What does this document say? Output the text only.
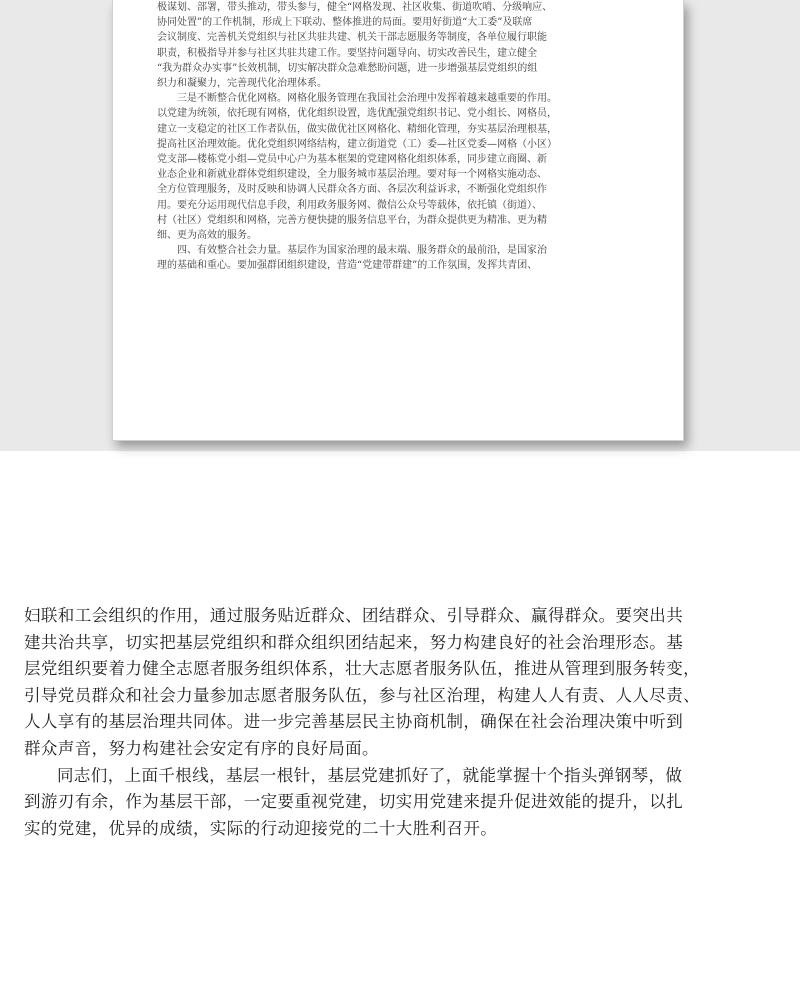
极谋划、部署，带头推动，带头参与，健全“网格发现、社区收集、街道吹哨、分级响应、

协同处置”的工作机制，形成上下联动、整体推进的局面。要用好街道“大工委”及联席

会议制度、完善机关党组织与社区共驻共建、机关干部志愿服务等制度，各单位履行职能

职责，积极指导并参与社区共驻共建工作。要坚持问题导向、切实改善民生，建立健全

“我为群众办实事”长效机制，切实解决群众急难愁盼问题，进一步增强基层党组织的组

织力和凝聚力，完善现代化治理体系。

三是不断整合优化网格。网格化服务管理在我国社会治理中发挥着越来越重要的作用。

以党建为统领，依托现有网格，优化组织设置，选优配强党组织书记、党小组长、网格员，

建立一支稳定的社区工作者队伍，做实做优社区网格化、精细化管理，夯实基层治理根基，

提高社区治理效能。优化党组织网络结构，建立街道党（工）委—社区党委—网格（小区）

党支部—楼栋党小组—党员中心户为基本框架的党建网格化组织体系，同步建立商圈、新

业态企业和新就业群体党组织建设，全力服务城市基层治理。要对每一个网格实施动态、

全方位管理服务，及时反映和协调人民群众各方面、各层次利益诉求，不断强化党组织作

用。要充分运用现代信息手段，利用政务服务网、微信公众号等载体，依托镇（街道）、

村（社区）党组织和网格，完善方便快捷的服务信息平台，为群众提供更为精准、更为精

细、更为高效的服务。

四、有效整合社会力量。基层作为国家治理的最末端、服务群众的最前沿，是国家治

理的基础和重心。要加强群团组织建设，营造“党建带群建”的工作氛围，发挥共青团、

妇联和工会组织的作用，通过服务贴近群众、团结群众、引导群众、赢得群众。要突出共

建共治共享，切实把基层党组织和群众组织团结起来，努力构建良好的社会治理形态。基

层党组织要着力健全志愿者服务组织体系，壮大志愿者服务队伍，推进从管理到服务转变，

引导党员群众和社会力量参加志愿者服务队伍，参与社区治理，构建人人有责、人人尽责、

人人享有的基层治理共同体。进一步完善基层民主协商机制，确保在社会治理决策中听到

群众声音，努力构建社会安定有序的良好局面。

同志们，上面千根线，基层一根针，基层党建抓好了，就能掌握十个指头弹钢琴，做

到游刃有余，作为基层干部，一定要重视党建，切实用党建来提升促进效能的提升，以扎

实的党建，优异的成绩，实际的行动迎接党的二十大胜利召开。
